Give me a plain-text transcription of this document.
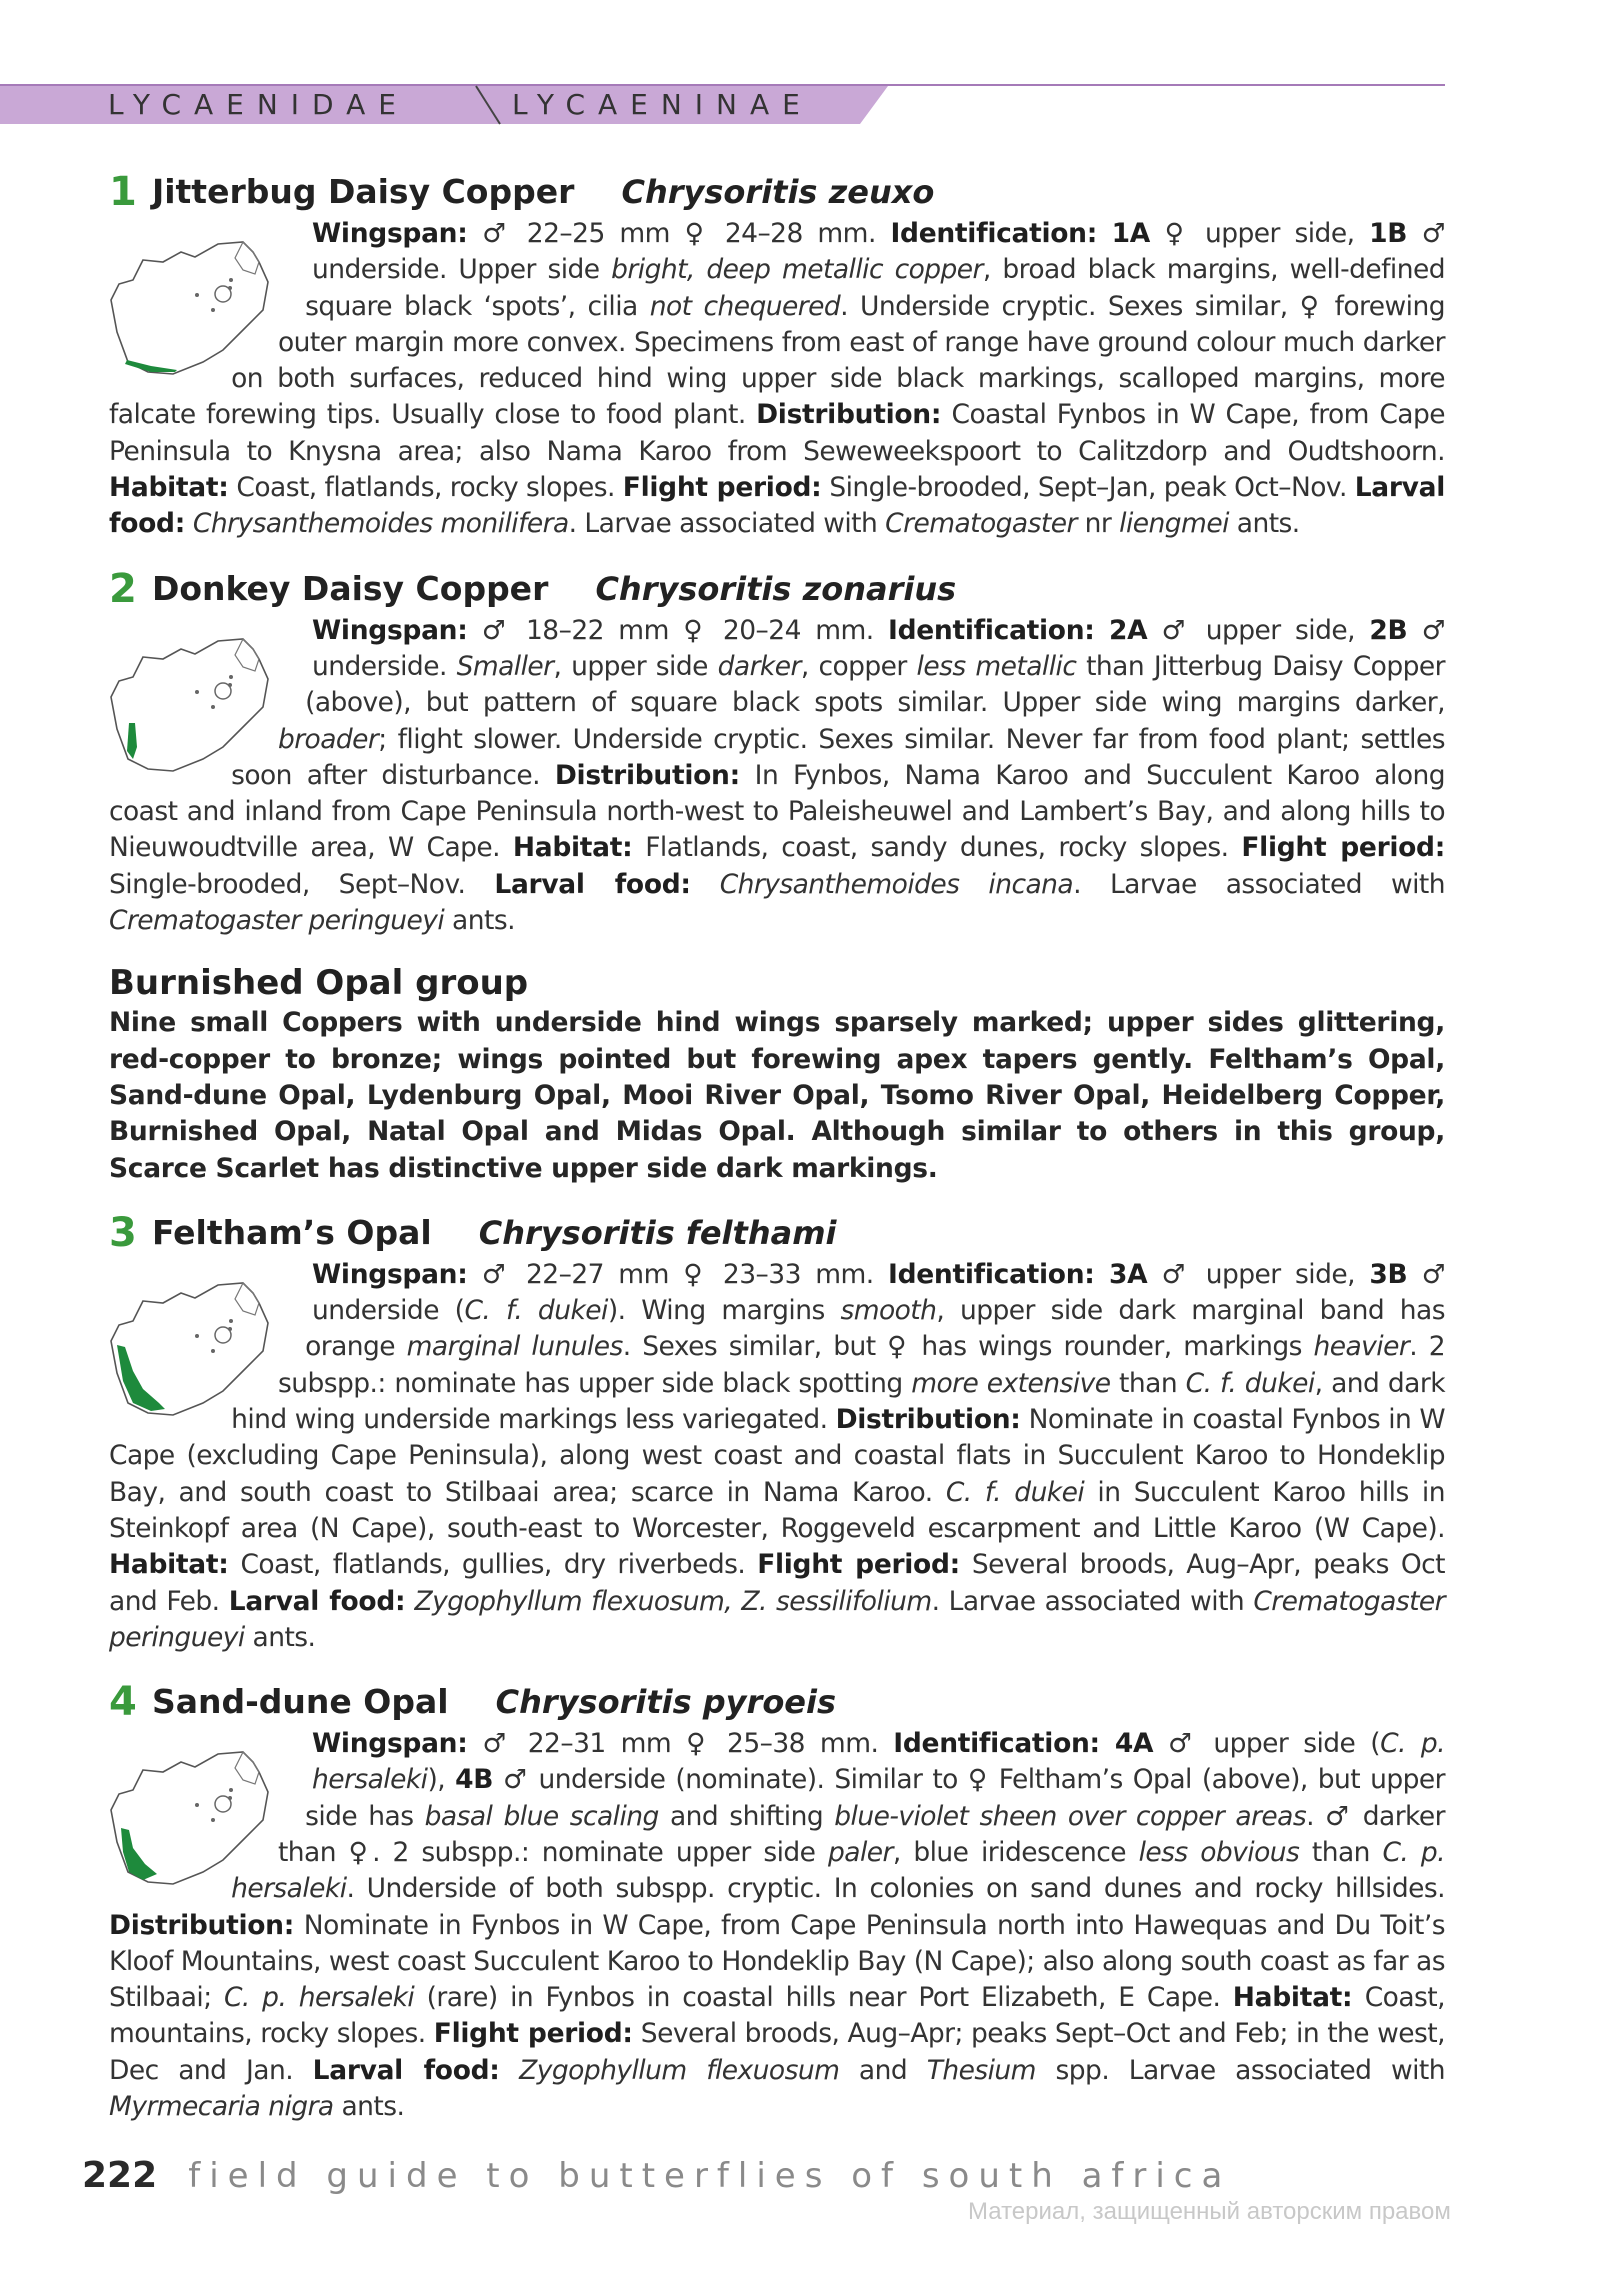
LYCAENIDAE	LYCAENINAE
1 Jitterbug Daisy Copper Chrysoritis zeuxo
Wingspan: ♂ 22–25 mm ♀ 24–28 mm. Identification: 1A ♀ upper side, 1B ♂ underside. Upper side bright, deep metallic copper, broad black margins, well-defined square black ‘spots’, cilia not chequered. Underside cryptic. Sexes similar, ♀ forewing outer margin more convex. Specimens from east of range have ground colour much darker on both surfaces, reduced hind wing upper side black markings, scalloped margins, more falcate forewing tips. Usually close to food plant. Distribution: Coastal Fynbos in W Cape, from Cape Peninsula to Knysna area; also Nama Karoo from Seweweekspoort to Calitzdorp and Oudtshoorn. Habitat: Coast, flatlands, rocky slopes. Flight period: Single-brooded, Sept–Jan, peak Oct–Nov. Larval food: Chrysanthemoides monilifera. Larvae associated with Crematogaster nr liengmei ants.
2 Donkey Daisy Copper Chrysoritis zonarius
Wingspan: ♂ 18–22 mm ♀ 20–24 mm. Identification: 2A ♂ upper side, 2B ♂ underside. Smaller, upper side darker, copper less metallic than Jitterbug Daisy Copper (above), but pattern of square black spots similar. Upper side wing margins darker, broader; flight slower. Underside cryptic. Sexes similar. Never far from food plant; settles soon after disturbance. Distribution: In Fynbos, Nama Karoo and Succulent Karoo along coast and inland from Cape Peninsula north-west to Paleisheuwel and Lambert’s Bay, and along hills to Nieuwoudtville area, W Cape. Habitat: Flatlands, coast, sandy dunes, rocky slopes. Flight period: Single-brooded, Sept–Nov. Larval food: Chrysanthemoides incana. Larvae associated with Crematogaster peringueyi ants.

Burnished Opal group

Nine small Coppers with underside hind wings sparsely marked; upper sides glittering, red-copper to bronze; wings pointed but forewing apex tapers gently. Feltham’s Opal, Sand-dune Opal, Lydenburg Opal, Mooi River Opal, Tsomo River Opal, Heidelberg Copper, Burnished Opal, Natal Opal and Midas Opal. Although similar to others in this group, Scarce Scarlet has distinctive upper side dark markings.

3 Feltham’s Opal Chrysoritis felthami
Wingspan: ♂ 22–27 mm ♀ 23–33 mm. Identification: 3A ♂ upper side, 3B ♂ underside (C. f. dukei). Wing margins smooth, upper side dark marginal band has orange marginal lunules. Sexes similar, but ♀ has wings rounder, markings heavier. 2 subspp.: nominate has upper side black spotting more extensive than C. f. dukei, and dark hind wing underside markings less variegated. Distribution: Nominate in coastal Fynbos in W Cape (excluding Cape Peninsula), along west coast and coastal flats in Succulent Karoo to Hondeklip Bay, and south coast to Stilbaai area; scarce in Nama Karoo. C. f. dukei in Succulent Karoo hills in Steinkopf area (N Cape), south-east to Worcester, Roggeveld escarpment and Little Karoo (W Cape). Habitat: Coast, flatlands, gullies, dry riverbeds. Flight period: Several broods, Aug–Apr, peaks Oct and Feb. Larval food: Zygophyllum flexuosum, Z. sessilifolium. Larvae associated with Crematogaster peringueyi ants.
4 Sand-dune Opal Chrysoritis pyroeis
Wingspan: ♂ 22–31 mm ♀ 25–38 mm. Identification: 4A ♂ upper side (C. p. hersaleki), 4B ♂ underside (nominate). Similar to ♀ Feltham’s Opal (above), but upper side has basal blue scaling and shifting blue-violet sheen over copper areas. ♂ darker than ♀. 2 subspp.: nominate upper side paler, blue iridescence less obvious than C. p. hersaleki. Underside of both subspp. cryptic. In colonies on sand dunes and rocky hillsides. Distribution: Nominate in Fynbos in W Cape, from Cape Peninsula north into Hawequas and Du Toit’s Kloof Mountains, west coast Succulent Karoo to Hondeklip Bay (N Cape); also along south coast as far as Stilbaai; C. p. hersaleki (rare) in Fynbos in coastal hills near Port Elizabeth, E Cape. Habitat: Coast, mountains, rocky slopes. Flight period: Several broods, Aug–Apr; peaks Sept–Oct and Feb; in the west, Dec and Jan. Larval food: Zygophyllum flexuosum and Thesium spp. Larvae associated with Myrmecaria nigra ants.
222 field guide to butterflies of south africa
Материал, защищенный авторским правом
